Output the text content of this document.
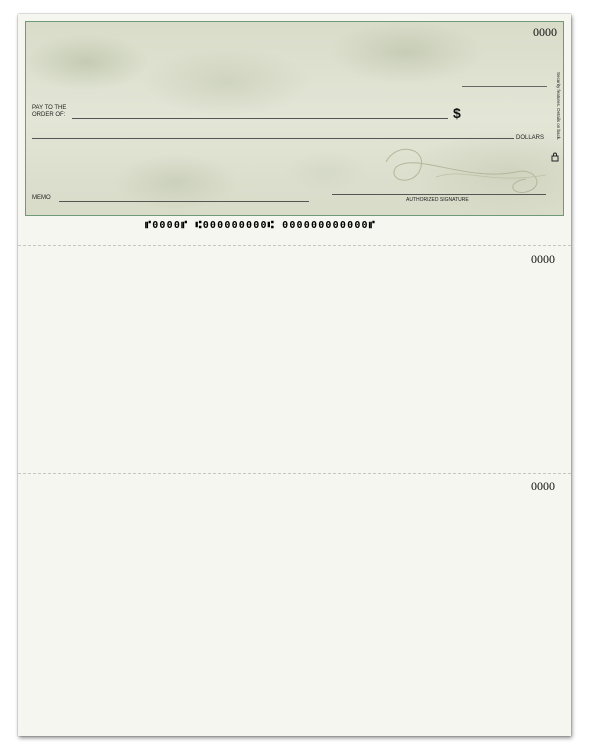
0000
PAY TO THE
ORDER OF:	$
DOLLARS
MEMO	AUTHORIZED SIGNATURE
Security features. Details on back.
⑈0000⑈ ⑆000000000⑆ 000000000000⑈
0000
0000
